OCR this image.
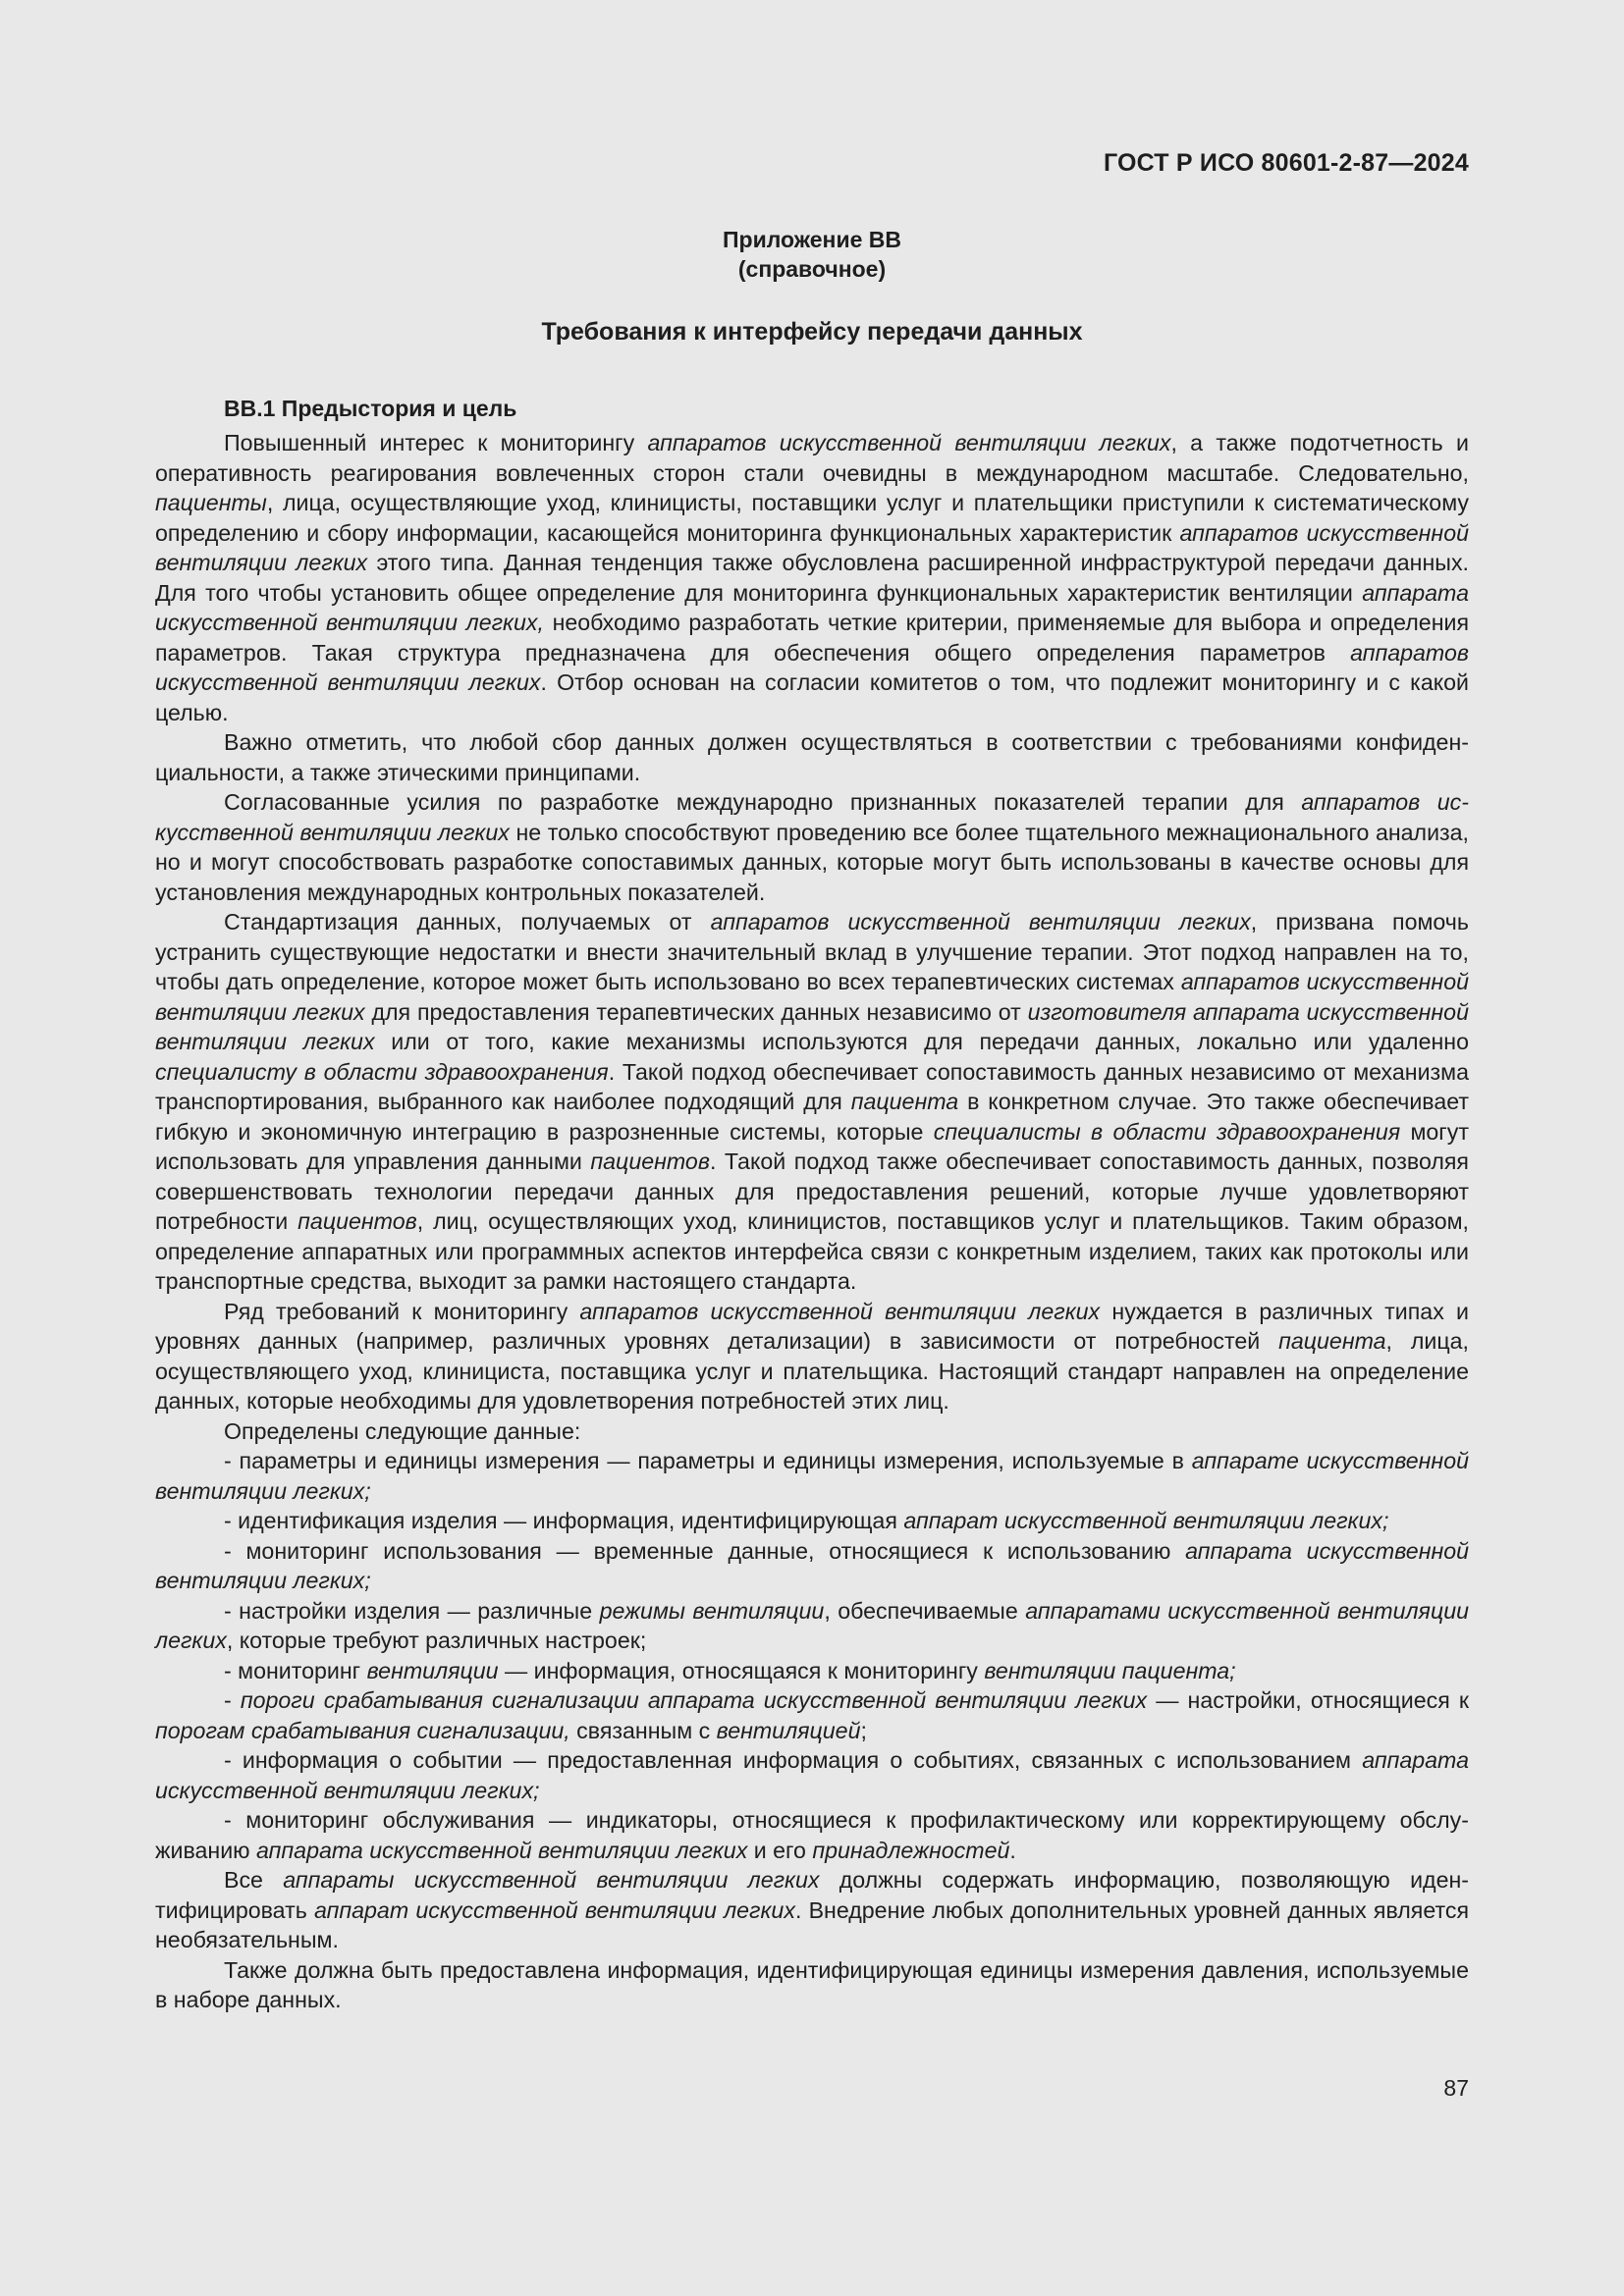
ГОСТ Р ИСО 80601-2-87—2024
Приложение ВВ
(справочное)
Требования к интерфейсу передачи данных
ВВ.1 Предыстория и цель

Повышенный интерес к мониторингу аппаратов искусственной вентиляции легких, а также подотчетность и оперативность реагирования вовлеченных сторон стали очевидны в международном масштабе. Следовательно, пациенты, лица, осуществляющие уход, клиницисты, поставщики услуг и плательщики приступили к систематическому определению и сбору информации, касающейся мониторинга функциональных характеристик аппаратов искусственной вентиляции легких этого типа. Данная тенденция также обусловлена расширенной инфраструктурой передачи данных. Для того чтобы установить общее определение для мониторинга функциональных характеристик вентиляции аппарата искусственной вентиляции легких, необходимо разработать четкие критерии, применяемые для выбора и определения параметров. Такая структура предназначена для обеспечения общего определения параметров аппаратов искусственной вентиляции легких. Отбор основан на согласии комитетов о том, что подлежит мониторингу и с какой целью.

Важно отметить, что любой сбор данных должен осуществляться в соответствии с требованиями конфиденциальности, а также этическими принципами.

Согласованные усилия по разработке международно признанных показателей терапии для аппаратов искусственной вентиляции легких не только способствуют проведению все более тщательного межнационального анализа, но и могут способствовать разработке сопоставимых данных, которые могут быть использованы в качестве основы для установления международных контрольных показателей.

Стандартизация данных, получаемых от аппаратов искусственной вентиляции легких, призвана помочь устранить существующие недостатки и внести значительный вклад в улучшение терапии. Этот подход направлен на то, чтобы дать определение, которое может быть использовано во всех терапевтических системах аппаратов искусственной вентиляции легких для предоставления терапевтических данных независимо от изготовителя аппарата искусственной вентиляции легких или от того, какие механизмы используются для передачи данных, локально или удаленно специалисту в области здравоохранения. Такой подход обеспечивает сопоставимость данных независимо от механизма транспортирования, выбранного как наиболее подходящий для пациента в конкретном случае. Это также обеспечивает гибкую и экономичную интеграцию в разрозненные системы, которые специалисты в области здравоохранения могут использовать для управления данными пациентов. Такой подход также обеспечивает сопоставимость данных, позволяя совершенствовать технологии передачи данных для предоставления решений, которые лучше удовлетворяют потребности пациентов, лиц, осуществляющих уход, клиницистов, поставщиков услуг и плательщиков. Таким образом, определение аппаратных или программных аспектов интерфейса связи с конкретным изделием, таких как протоколы или транспортные средства, выходит за рамки настоящего стандарта.

Ряд требований к мониторингу аппаратов искусственной вентиляции легких нуждается в различных типах и уровнях данных (например, различных уровнях детализации) в зависимости от потребностей пациента, лица, осуществляющего уход, клинициста, поставщика услуг и плательщика. Настоящий стандарт направлен на определение данных, которые необходимы для удовлетворения потребностей этих лиц.

Определены следующие данные:

- параметры и единицы измерения — параметры и единицы измерения, используемые в аппарате искусственной вентиляции легких;

- идентификация изделия — информация, идентифицирующая аппарат искусственной вентиляции легких;

- мониторинг использования — временные данные, относящиеся к использованию аппарата искусственной вентиляции легких;

- настройки изделия — различные режимы вентиляции, обеспечиваемые аппаратами искусственной вентиляции легких, которые требуют различных настроек;

- мониторинг вентиляции — информация, относящаяся к мониторингу вентиляции пациента;

- пороги срабатывания сигнализации аппарата искусственной вентиляции легких — настройки, относящиеся к порогам срабатывания сигнализации, связанным с вентиляцией;

- информация о событии — предоставленная информация о событиях, связанных с использованием аппарата искусственной вентиляции легких;

- мониторинг обслуживания — индикаторы, относящиеся к профилактическому или корректирующему обслуживанию аппарата искусственной вентиляции легких и его принадлежностей.

Все аппараты искусственной вентиляции легких должны содержать информацию, позволяющую идентифицировать аппарат искусственной вентиляции легких. Внедрение любых дополнительных уровней данных является необязательным.

Также должна быть предоставлена информация, идентифицирующая единицы измерения давления, используемые в наборе данных.

87
